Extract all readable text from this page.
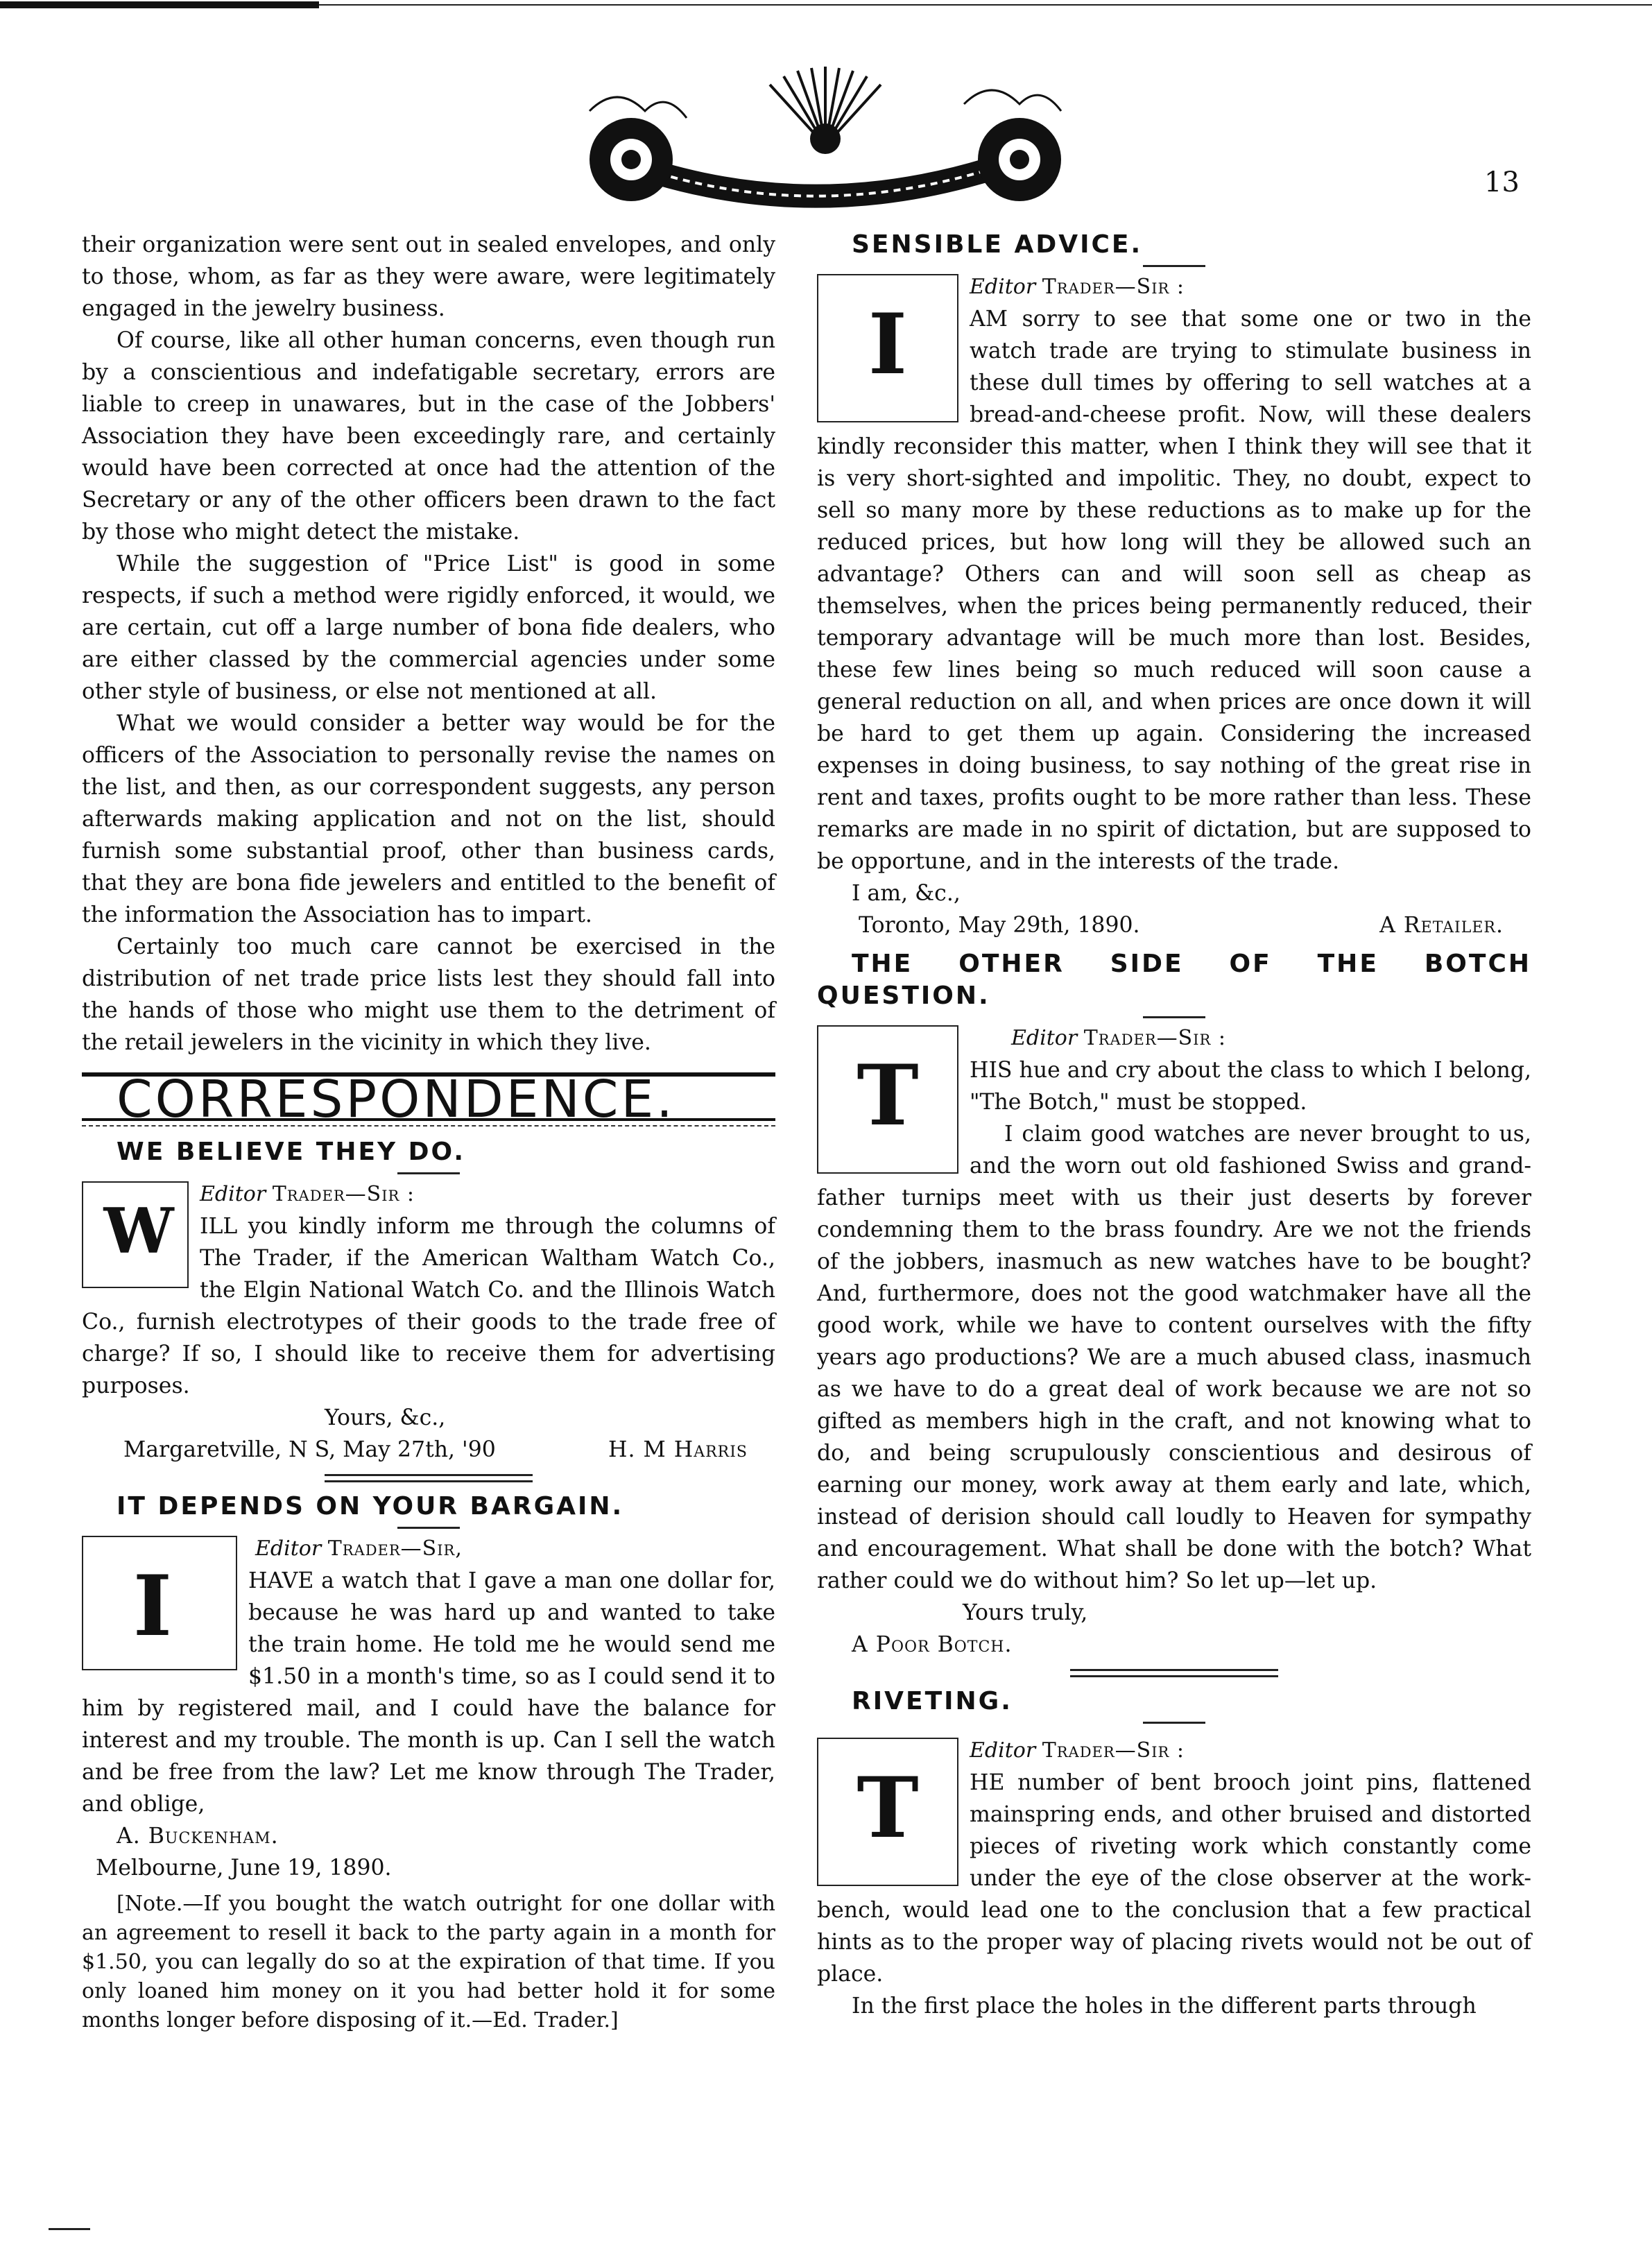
13

their organization were sent out in sealed envelopes, and only to those, whom, as far as they were aware, were legitimately engaged in the jewelry business.

Of course, like all other human concerns, even though run by a conscientious and indefatigable secretary, errors are liable to creep in unawares, but in the case of the Jobbers' Association they have been exceedingly rare, and certainly would have been corrected at once had the attention of the Secretary or any of the other officers been drawn to the fact by those who might detect the mistake.

While the suggestion of "Price List" is good in some respects, if such a method were rigidly enforced, it would, we are certain, cut off a large number of bona fide dealers, who are either classed by the commercial agencies under some other style of business, or else not mentioned at all.

What we would consider a better way would be for the officers of the Association to personally revise the names on the list, and then, as our correspondent suggests, any person afterwards making application and not on the list, should furnish some substantial proof, other than business cards, that they are bona fide jewelers and entitled to the benefit of the information the Association has to impart.

Certainly too much care cannot be exercised in the distribution of net trade price lists lest they should fall into the hands of those who might use them to the detriment of the retail jewelers in the vicinity in which they live.

CORRESPONDENCE.

WE BELIEVE THEY DO.

W

Editor Trader—Sir :

ILL you kindly inform me through the columns of The Trader, if the American Waltham Watch Co., the Elgin National Watch Co. and the Illinois Watch Co., furnish electrotypes of their goods to the trade free of charge? If so, I should like to receive them for advertising purposes.

Yours, &c.,

Margaretville, N S, May 27th, '90	H. M Harris

IT DEPENDS ON YOUR BARGAIN.

I

Editor Trader—Sir,

HAVE a watch that I gave a man one dollar for, because he was hard up and wanted to take the train home. He told me he would send me $1.50 in a month's time, so as I could send it to him by registered mail, and I could have the balance for interest and my trouble. The month is up. Can I sell the watch and be free from the law? Let me know through The Trader, and oblige,

A. Buckenham.

Melbourne, June 19, 1890.

[Note.—If you bought the watch outright for one dollar with an agreement to resell it back to the party again in a month for $1.50, you can legally do so at the expiration of that time. If you only loaned him money on it you had better hold it for some months longer before disposing of it.—Ed. Trader.]

SENSIBLE ADVICE.

I

Editor Trader—Sir :

AM sorry to see that some one or two in the watch trade are trying to stimulate business in these dull times by offering to sell watches at a bread-and-cheese profit. Now, will these dealers kindly reconsider this matter, when I think they will see that it is very short-sighted and impolitic. They, no doubt, expect to sell so many more by these reductions as to make up for the reduced prices, but how long will they be allowed such an advantage? Others can and will soon sell as cheap as themselves, when the prices being permanently reduced, their temporary advantage will be much more than lost. Besides, these few lines being so much reduced will soon cause a general reduction on all, and when prices are once down it will be hard to get them up again. Considering the increased expenses in doing business, to say nothing of the great rise in rent and taxes, profits ought to be more rather than less. These remarks are made in no spirit of dictation, but are supposed to be opportune, and in the interests of the trade.

I am, &c.,

Toronto, May 29th, 1890.	A Retailer.

THE OTHER SIDE OF THE BOTCH QUESTION.

T

Editor Trader—Sir :

HIS hue and cry about the class to which I belong, "The Botch," must be stopped.

I claim good watches are never brought to us, and the worn out old fashioned Swiss and grand-father turnips meet with us their just deserts by forever condemning them to the brass foundry. Are we not the friends of the jobbers, inasmuch as new watches have to be bought? And, furthermore, does not the good watchmaker have all the good work, while we have to content ourselves with the fifty years ago productions? We are a much abused class, inasmuch as we have to do a great deal of work because we are not so gifted as members high in the craft, and not knowing what to do, and being scrupulously conscientious and desirous of earning our money, work away at them early and late, which, instead of derision should call loudly to Heaven for sympathy and encouragement. What shall be done with the botch? What rather could we do without him? So let up—let up.

Yours truly,

A Poor Botch.

RIVETING.

T

Editor Trader—Sir :

HE number of bent brooch joint pins, flattened mainspring ends, and other bruised and distorted pieces of riveting work which constantly come under the eye of the close observer at the work-bench, would lead one to the conclusion that a few practical hints as to the proper way of placing rivets would not be out of place.

In the first place the holes in the different parts through
